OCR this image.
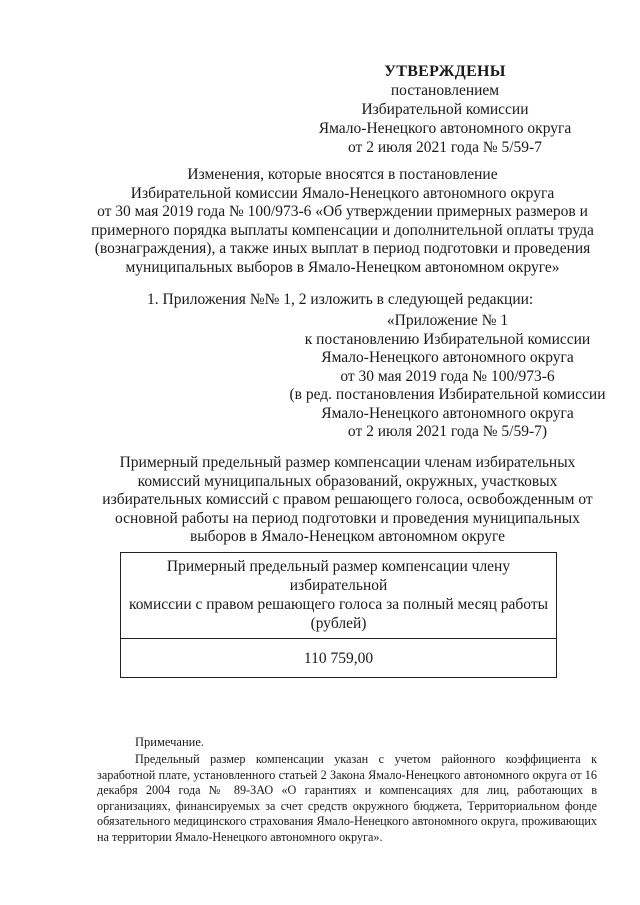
УТВЕРЖДЕНЫ
постановлением
Избирательной комиссии
Ямало-Ненецкого автономного округа
от 2 июля 2021 года № 5/59-7
Изменения, которые вносятся в постановление
Избирательной комиссии Ямало-Ненецкого автономного округа
от 30 мая 2019 года № 100/973-6 «Об утверждении примерных размеров и
примерного порядка выплаты компенсации и дополнительной оплаты труда
(вознаграждения), а также иных выплат в период подготовки и проведения
муниципальных выборов в Ямало-Ненецком автономном округе»
1. Приложения №№ 1, 2 изложить в следующей редакции:
«Приложение № 1
к постановлению Избирательной комиссии
Ямало-Ненецкого автономного округа
от 30 мая 2019 года № 100/973-6
(в ред. постановления Избирательной комиссии
Ямало-Ненецкого автономного округа
от 2 июля 2021 года № 5/59-7)
Примерный предельный размер компенсации членам избирательных
комиссий муниципальных образований, окружных, участковых
избирательных комиссий с правом решающего голоса, освобожденным от
основной работы на период подготовки и проведения муниципальных
выборов в Ямало-Ненецком автономном округе
Примерный предельный размер компенсации члену избирательной
комиссии с правом решающего голоса за полный месяц работы
(рублей)

110 759,00
Примечание.
Предельный размер компенсации указан с учетом районного коэффициента к заработной плате, установленного статьей 2 Закона Ямало-Ненецкого автономного округа от 16 декабря 2004 года № 89-ЗАО «О гарантиях и компенсациях для лиц, работающих в организациях, финансируемых за счет средств окружного бюджета, Территориальном фонде обязательного медицинского страхования Ямало-Ненецкого автономного округа, проживающих на территории Ямало-Ненецкого автономного округа».
